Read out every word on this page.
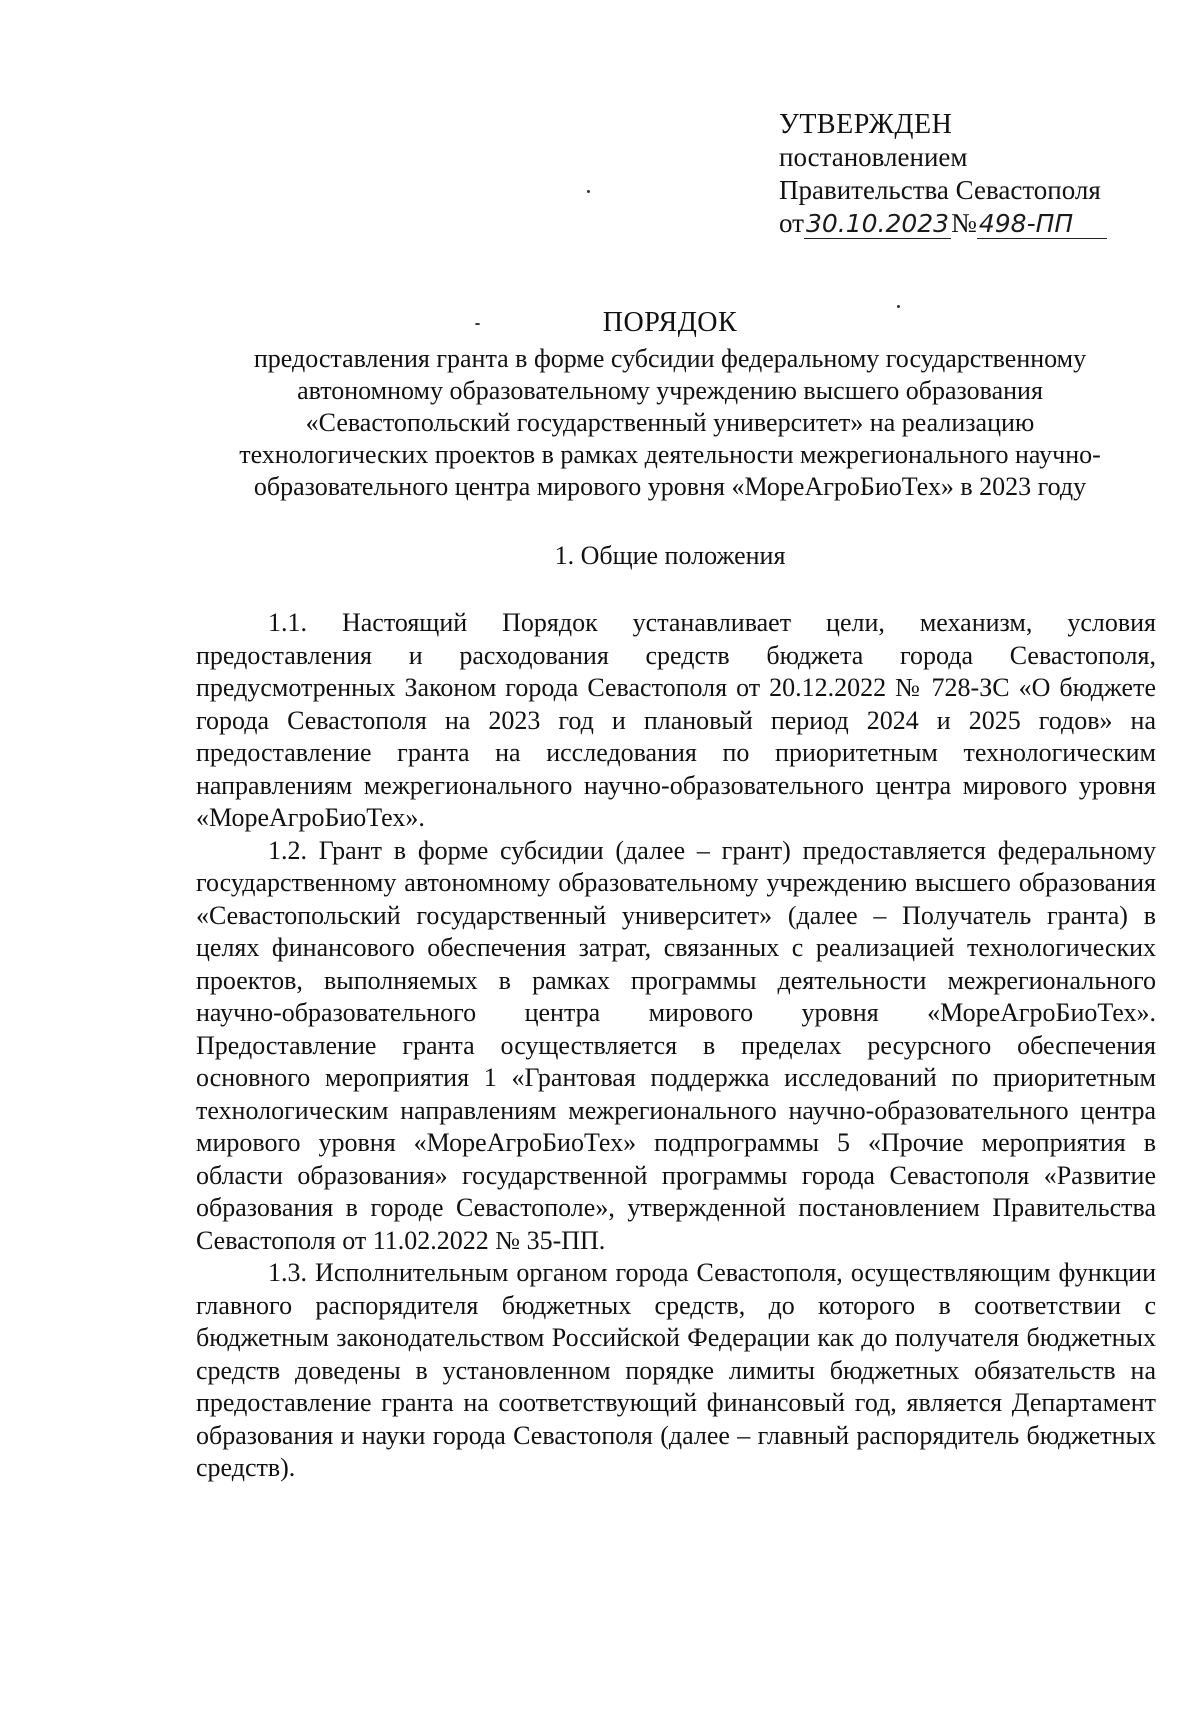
УТВЕРЖДЕН
постановлением
Правительства Севастополя
от30.10.2023№498-ПП
ПОРЯДОК
предоставления гранта в форме субсидии федеральному государственному
автономному образовательному учреждению высшего образования
«Севастопольский государственный университет» на реализацию
технологических проектов в рамках деятельности межрегионального научно-
образовательного центра мирового уровня «МореАгроБиоТех» в 2023 году
1. Общие положения

1.1. Настоящий Порядок устанавливает цели, механизм, условия предоставления и расходования средств бюджета города Севастополя, предусмотренных Законом города Севастополя от 20.12.2022 № 728-ЗС «О бюджете города Севастополя на 2023 год и плановый период 2024 и 2025 годов» на предоставление гранта на исследования по приоритетным технологическим направлениям межрегионального научно-образовательного центра мирового уровня «МореАгроБиоТех».

1.2. Грант в форме субсидии (далее – грант) предоставляется федеральному государственному автономному образовательному учреждению высшего образования «Севастопольский государственный университет» (далее – Получатель гранта) в целях финансового обеспечения затрат, связанных с реализацией технологических проектов, выполняемых в рамках программы деятельности межрегионального научно-образовательного центра мирового уровня «МореАгроБиоТех». Предоставление гранта осуществляется в пределах ресурсного обеспечения основного мероприятия 1 «Грантовая поддержка исследований по приоритетным технологическим направлениям межрегионального научно-образовательного центра мирового уровня «МореАгроБиоТех» подпрограммы 5 «Прочие мероприятия в области образования» государственной программы города Севастополя «Развитие образования в городе Севастополе», утвержденной постановлением Правительства Севастополя от 11.02.2022 № 35-ПП.

1.3. Исполнительным органом города Севастополя, осуществляющим функции главного распорядителя бюджетных средств, до которого в соответствии с бюджетным законодательством Российской Федерации как до получателя бюджетных средств доведены в установленном порядке лимиты бюджетных обязательств на предоставление гранта на соответствующий финансовый год, является Департамент образования и науки города Севастополя (далее – главный распорядитель бюджетных средств).
